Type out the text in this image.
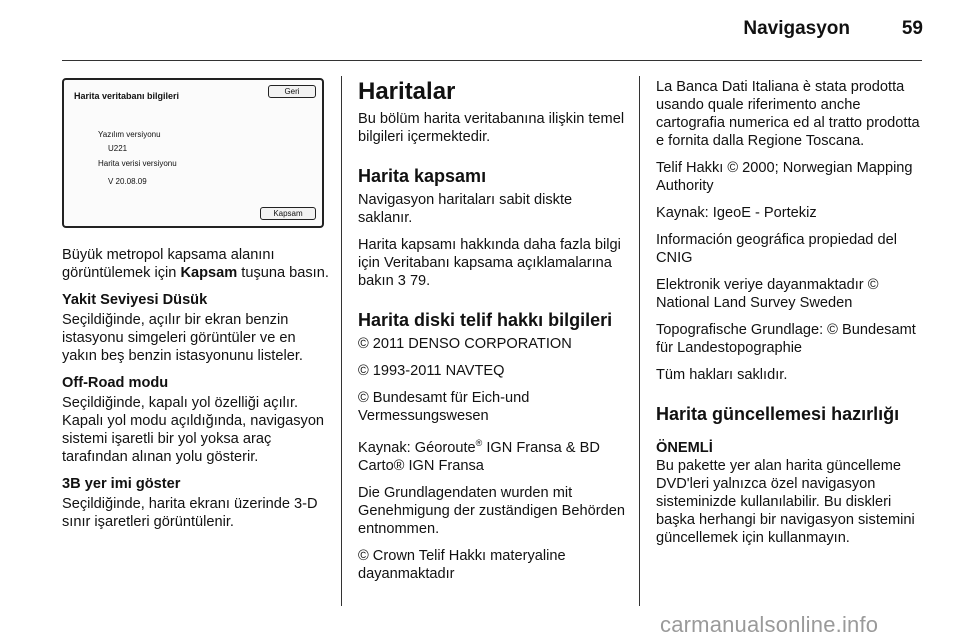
Navigasyon	59
Harita veritabanı bilgileri	Geri
Yazılım versiyonu
U221
Harita verisi versiyonu
V 20.08.09
Kapsam

Büyük metropol kapsama alanını görüntülemek için Kapsam tuşuna basın.

Yakit Seviyesi Düsük

Seçildiğinde, açılır bir ekran benzin istasyonu simgeleri görüntüler ve en yakın beş benzin istasyonunu listeler.

Off-Road modu

Seçildiğinde, kapalı yol özelliği açılır. Kapalı yol modu açıldığında, navigasyon sistemi işaretli bir yol yoksa araç tarafından alınan yolu gösterir.

3B yer imi göster

Seçildiğinde, harita ekranı üzerinde 3-D sınır işaretleri görüntülenir.

Haritalar

Bu bölüm harita veritabanına ilişkin temel bilgileri içermektedir.

Harita kapsamı

Navigasyon haritaları sabit diskte saklanır.

Harita kapsamı hakkında daha fazla bilgi için Veritabanı kapsama açıklamalarına bakın 3 79.

Harita diski telif hakkı bilgileri

© 2011 DENSO CORPORATION

© 1993-2011 NAVTEQ

© Bundesamt für Eich-und Vermessungswesen

Kaynak: Géoroute® IGN Fransa & BD Carto® IGN Fransa

Die Grundlagendaten wurden mit Genehmigung der zuständigen Behörden entnommen.

© Crown Telif Hakkı materyaline dayanmaktadır

La Banca Dati Italiana è stata prodotta usando quale riferimento anche cartografia numerica ed al tratto prodotta e fornita dalla Regione Toscana.

Telif Hakkı © 2000; Norwegian Mapping Authority

Kaynak: IgeoE - Portekiz

Información geográfica propiedad del CNIG

Elektronik veriye dayanmaktadır © National Land Survey Sweden

Topografische Grundlage: © Bundesamt für Landestopographie

Tüm hakları saklıdır.

Harita güncellemesi hazırlığı
ÖNEMLİ

Bu pakette yer alan harita güncelleme DVD'leri yalnızca özel navigasyon sisteminizde kullanılabilir. Bu diskleri başka herhangi bir navigasyon sistemini güncellemek için kullanmayın.

carmanualsonline.info
